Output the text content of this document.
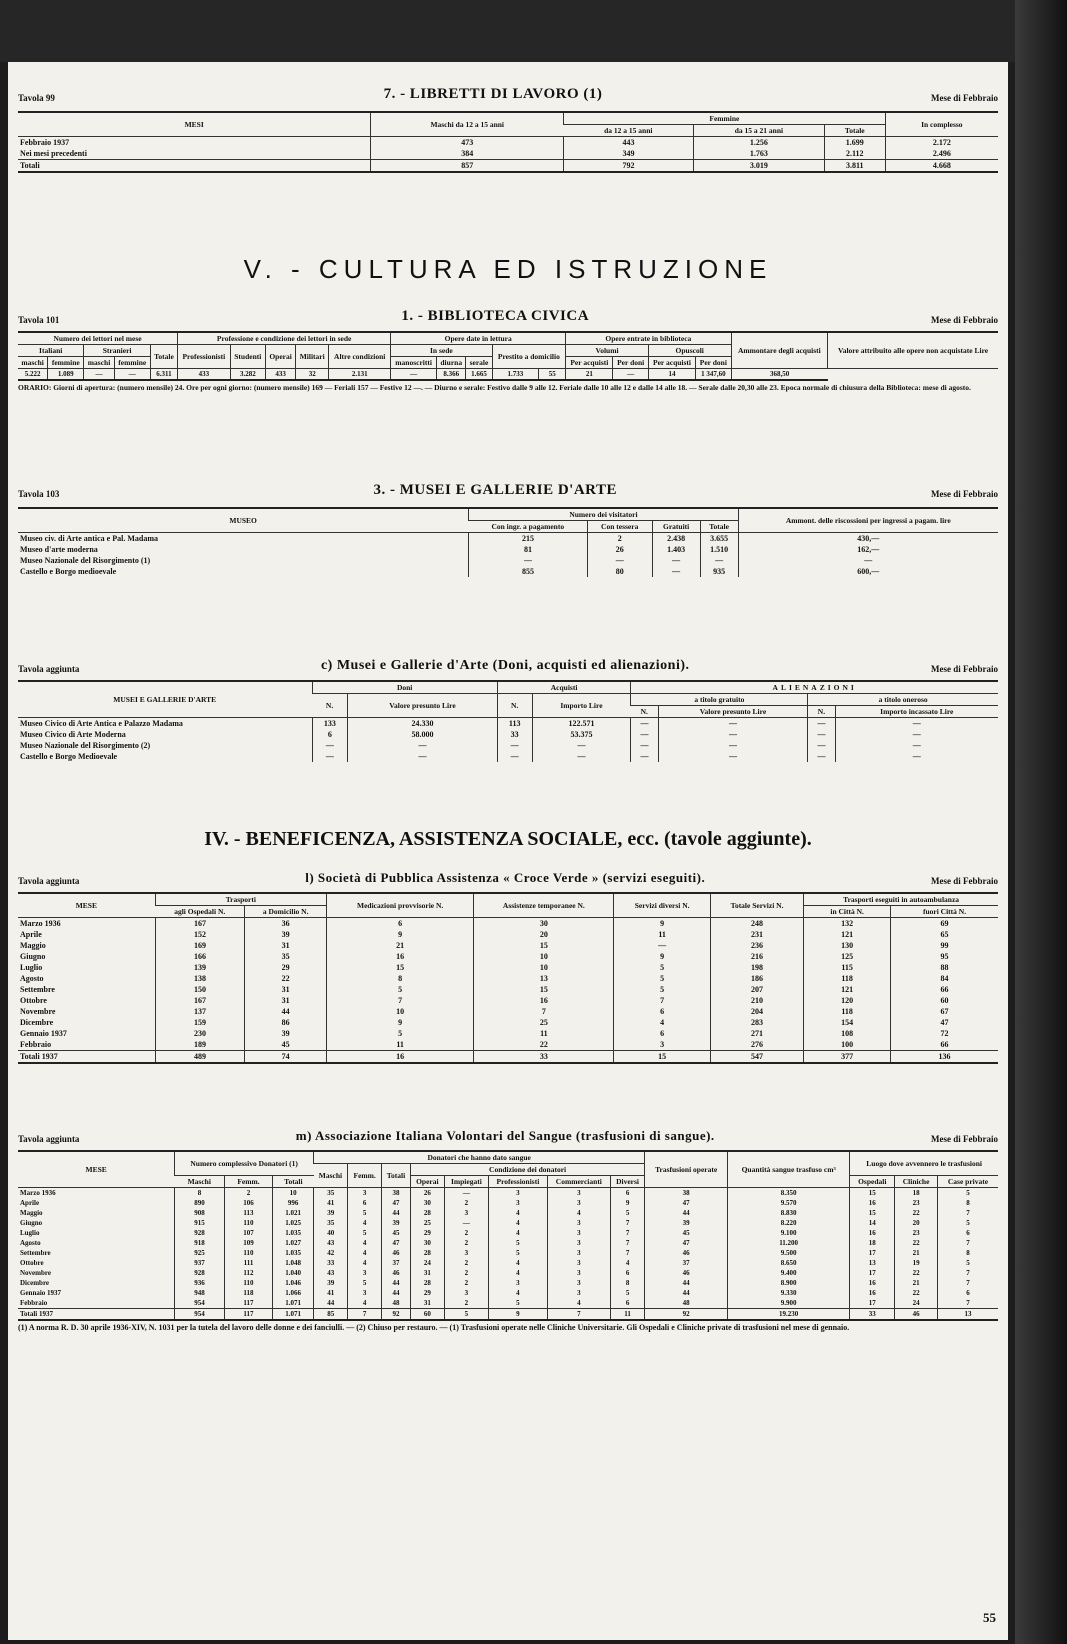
Tavola 99	7. - LIBRETTI DI LAVORO (1)	Mese di Febbraio
MESI	Maschi da 12 a 15 anni	Femmine			In complesso
		da 12 a 15 anni	da 15 a 21 anni	Totale	
Febbraio 1937	473	443	1.256	1.699	2.172
Nei mesi precedenti	384	349	1.763	2.112	2.496
Totali	857	792	3.019	3.811	4.668
V. - CULTURA ED ISTRUZIONE
Tavola 101	1. - BIBLIOTECA CIVICA	Mese di Febbraio
Numero dei lettori nel mese					Professione e condizione dei lettori in sede					Opere date in lettura					Opere entrate in biblioteca				Ammontare degli acquisti	Valore attribuito alle opere non acquistate Lire
Italiani		Stranieri		Totale	Professionisti	Studenti	Operai	Militari	Altre condizioni	In sede			Prestito a domicilio		Volumi		Opuscoli			
maschi	femmine	maschi	femmine							manoscritti	diurna	serale			Per acquisti	Per doni	Per acquisti	Per doni		
5.222	1.089	—	—	6.311	433	3.282	433	32	2.131	—	8.366	1.665	1.733	55	21	—	14	1 347,60	368,50	
ORARIO: Giorni di apertura: (numero mensile) 24. Ore per ogni giorno: (numero mensile) 169 — Feriali 157 — Festive 12 —. — Diurno e serale: Festivo dalle 9 alle 12. Feriale dalle 10 alle 12 e dalle 14 alle 18. — Serale dalle 20,30 alle 23. Epoca normale di chiusura della Biblioteca: mese di agosto.
Tavola 103	3. - MUSEI E GALLERIE D'ARTE	Mese di Febbraio
MUSEO	Numero dei visitatori				Ammont. delle riscossioni per ingressi a pagam. lire
	Con ingr. a pagamento	Con tessera	Gratuiti	Totale	
Museo civ. di Arte antica e Pal. Madama	215	2	2.438	3.655	430,—
Museo d'arte moderna	81	26	1.403	1.510	162,—
Museo Nazionale del Risorgimento (1)	—	—	—	—	—
Castello e Borgo medioevale	855	80	—	935	600,—
Tavola aggiunta	c) Musei e Gallerie d'Arte (Doni, acquisti ed alienazioni).	Mese di Febbraio
MUSEI E GALLERIE D'ARTE	Doni		Acquisti		ALIENAZIONI			
	N.	Valore presunto Lire	N.	Importo Lire	a titolo gratuito		a titolo oneroso	
					N.	Valore presunto Lire	N.	Importo incassato Lire
Museo Civico di Arte Antica e Palazzo Madama	133	24.330	113	122.571	—	—	—	—
Museo Civico di Arte Moderna	6	58.000	33	53.375	—	—	—	—
Museo Nazionale del Risorgimento (2)	—	—	—	—	—	—	—	—
Castello e Borgo Medioevale	—	—	—	—	—	—	—	—
IV. - BENEFICENZA, ASSISTENZA SOCIALE, ecc. (tavole aggiunte).
Tavola aggiunta	l) Società di Pubblica Assistenza « Croce Verde » (servizi eseguiti).	Mese di Febbraio
MESE	Trasporti		Medicazioni provvisorie N.	Assistenze temporanee N.	Servizi diversi N.	Totale Servizi N.	Trasporti eseguiti in autoambulanza	
	agli Ospedali N.	a Domicilio N.					in Città N.	fuori Città N.
Marzo 1936	167	36	6	30	9	248	132	69
Aprile	152	39	9	20	11	231	121	65
Maggio	169	31	21	15	—	236	130	99
Giugno	166	35	16	10	9	216	125	95
Luglio	139	29	15	10	5	198	115	88
Agosto	138	22	8	13	5	186	118	84
Settembre	150	31	5	15	5	207	121	66
Ottobre	167	31	7	16	7	210	120	60
Novembre	137	44	10	7	6	204	118	67
Dicembre	159	86	9	25	4	283	154	47
Gennaio 1937	230	39	5	11	6	271	108	72
Febbraio	189	45	11	22	3	276	100	66
Totali 1937	489	74	16	33	15	547	377	136
Tavola aggiunta	m) Associazione Italiana Volontari del Sangue (trasfusioni di sangue).	Mese di Febbraio
MESE	Numero complessivo Donatori (1)			Donatori che hanno dato sangue								Trasfusioni operate	Quantità sangue trasfuso cm³	Luogo dove avvennero le trasfusioni		
				Maschi	Femm.	Totali	Condizione dei donatori									
	Maschi	Femm.	Totali				Operai	Impiegati	Professionisti	Commercianti	Diversi			Ospedali	Cliniche	Case private
Marzo 1936	8	2	10	35	3	38	26	—	3	3	6	38	8.350	15	18	5
Aprile	890	106	996	41	6	47	30	2	3	3	9	47	9.570	16	23	8
Maggio	908	113	1.021	39	5	44	28	3	4	4	5	44	8.830	15	22	7
Giugno	915	110	1.025	35	4	39	25	—	4	3	7	39	8.220	14	20	5
Luglio	928	107	1.035	40	5	45	29	2	4	3	7	45	9.100	16	23	6
Agosto	918	109	1.027	43	4	47	30	2	5	3	7	47	11.200	18	22	7
Settembre	925	110	1.035	42	4	46	28	3	5	3	7	46	9.500	17	21	8
Ottobre	937	111	1.048	33	4	37	24	2	4	3	4	37	8.650	13	19	5
Novembre	928	112	1.040	43	3	46	31	2	4	3	6	46	9.400	17	22	7
Dicembre	936	110	1.046	39	5	44	28	2	3	3	8	44	8.900	16	21	7
Gennaio 1937	948	118	1.066	41	3	44	29	3	4	3	5	44	9.330	16	22	6
Febbraio	954	117	1.071	44	4	48	31	2	5	4	6	48	9.900	17	24	7
Totali 1937	954	117	1.071	85	7	92	60	5	9	7	11	92	19.230	33	46	13
(1) A norma R. D. 30 aprile 1936-XIV, N. 1031 per la tutela del lavoro delle donne e dei fanciulli. — (2) Chiuso per restauro. — (1) Trasfusioni operate nelle Cliniche Universitarie. Gli Ospedali e Cliniche private di trasfusioni nel mese di gennaio.
55
